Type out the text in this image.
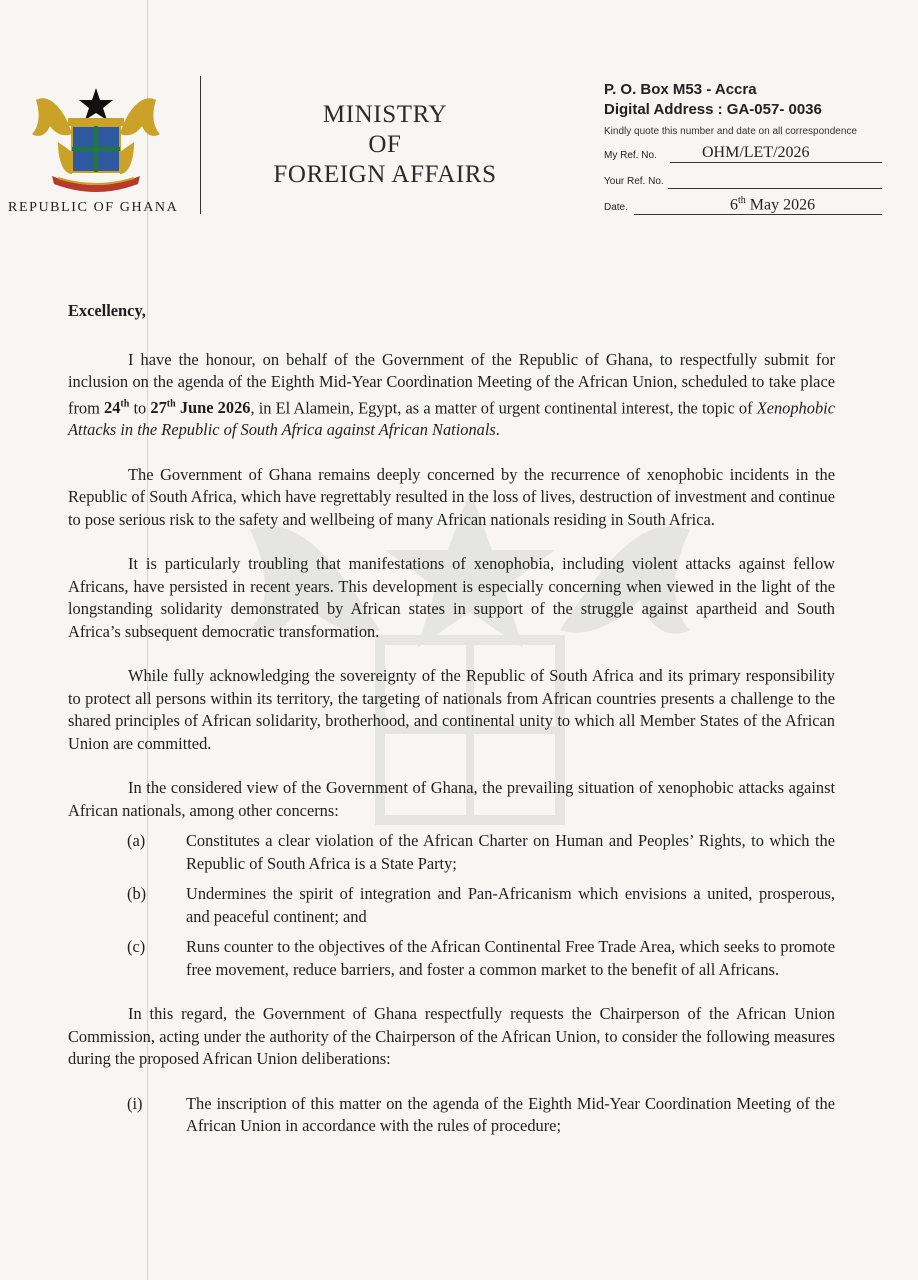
REPUBLIC OF GHANA
MINISTRY
OF
FOREIGN AFFAIRS
P. O. Box M53 - Accra
Digital Address : GA-057- 0036
Kindly quote this number and date on all correspondence
My Ref. No.	OHM/LET/2026
Your Ref. No.
Date.	6th May 2026

Excellency,

I have the honour, on behalf of the Government of the Republic of Ghana, to respectfully submit for inclusion on the agenda of the Eighth Mid-Year Coordination Meeting of the African Union, scheduled to take place from 24th to 27th June 2026, in El Alamein, Egypt, as a matter of urgent continental interest, the topic of Xenophobic Attacks in the Republic of South Africa against African Nationals.

The Government of Ghana remains deeply concerned by the recurrence of xenophobic incidents in the Republic of South Africa, which have regrettably resulted in the loss of lives, destruction of investment and continue to pose serious risk to the safety and wellbeing of many African nationals residing in South Africa.

It is particularly troubling that manifestations of xenophobia, including violent attacks against fellow Africans, have persisted in recent years. This development is especially concerning when viewed in the light of the longstanding solidarity demonstrated by African states in support of the struggle against apartheid and South Africa’s subsequent democratic transformation.

While fully acknowledging the sovereignty of the Republic of South Africa and its primary responsibility to protect all persons within its territory, the targeting of nationals from African countries presents a challenge to the shared principles of African solidarity, brotherhood, and continental unity to which all Member States of the African Union are committed.

In the considered view of the Government of Ghana, the prevailing situation of xenophobic attacks against African nationals, among other concerns:

(a)	Constitutes a clear violation of the African Charter on Human and Peoples’ Rights, to which the Republic of South Africa is a State Party;
(b)	Undermines the spirit of integration and Pan-Africanism which envisions a united, prosperous, and peaceful continent; and
(c)	Runs counter to the objectives of the African Continental Free Trade Area, which seeks to promote free movement, reduce barriers, and foster a common market to the benefit of all Africans.

In this regard, the Government of Ghana respectfully requests the Chairperson of the African Union Commission, acting under the authority of the Chairperson of the African Union, to consider the following measures during the proposed African Union deliberations:

(i)	The inscription of this matter on the agenda of the Eighth Mid-Year Coordination Meeting of the African Union in accordance with the rules of procedure;
